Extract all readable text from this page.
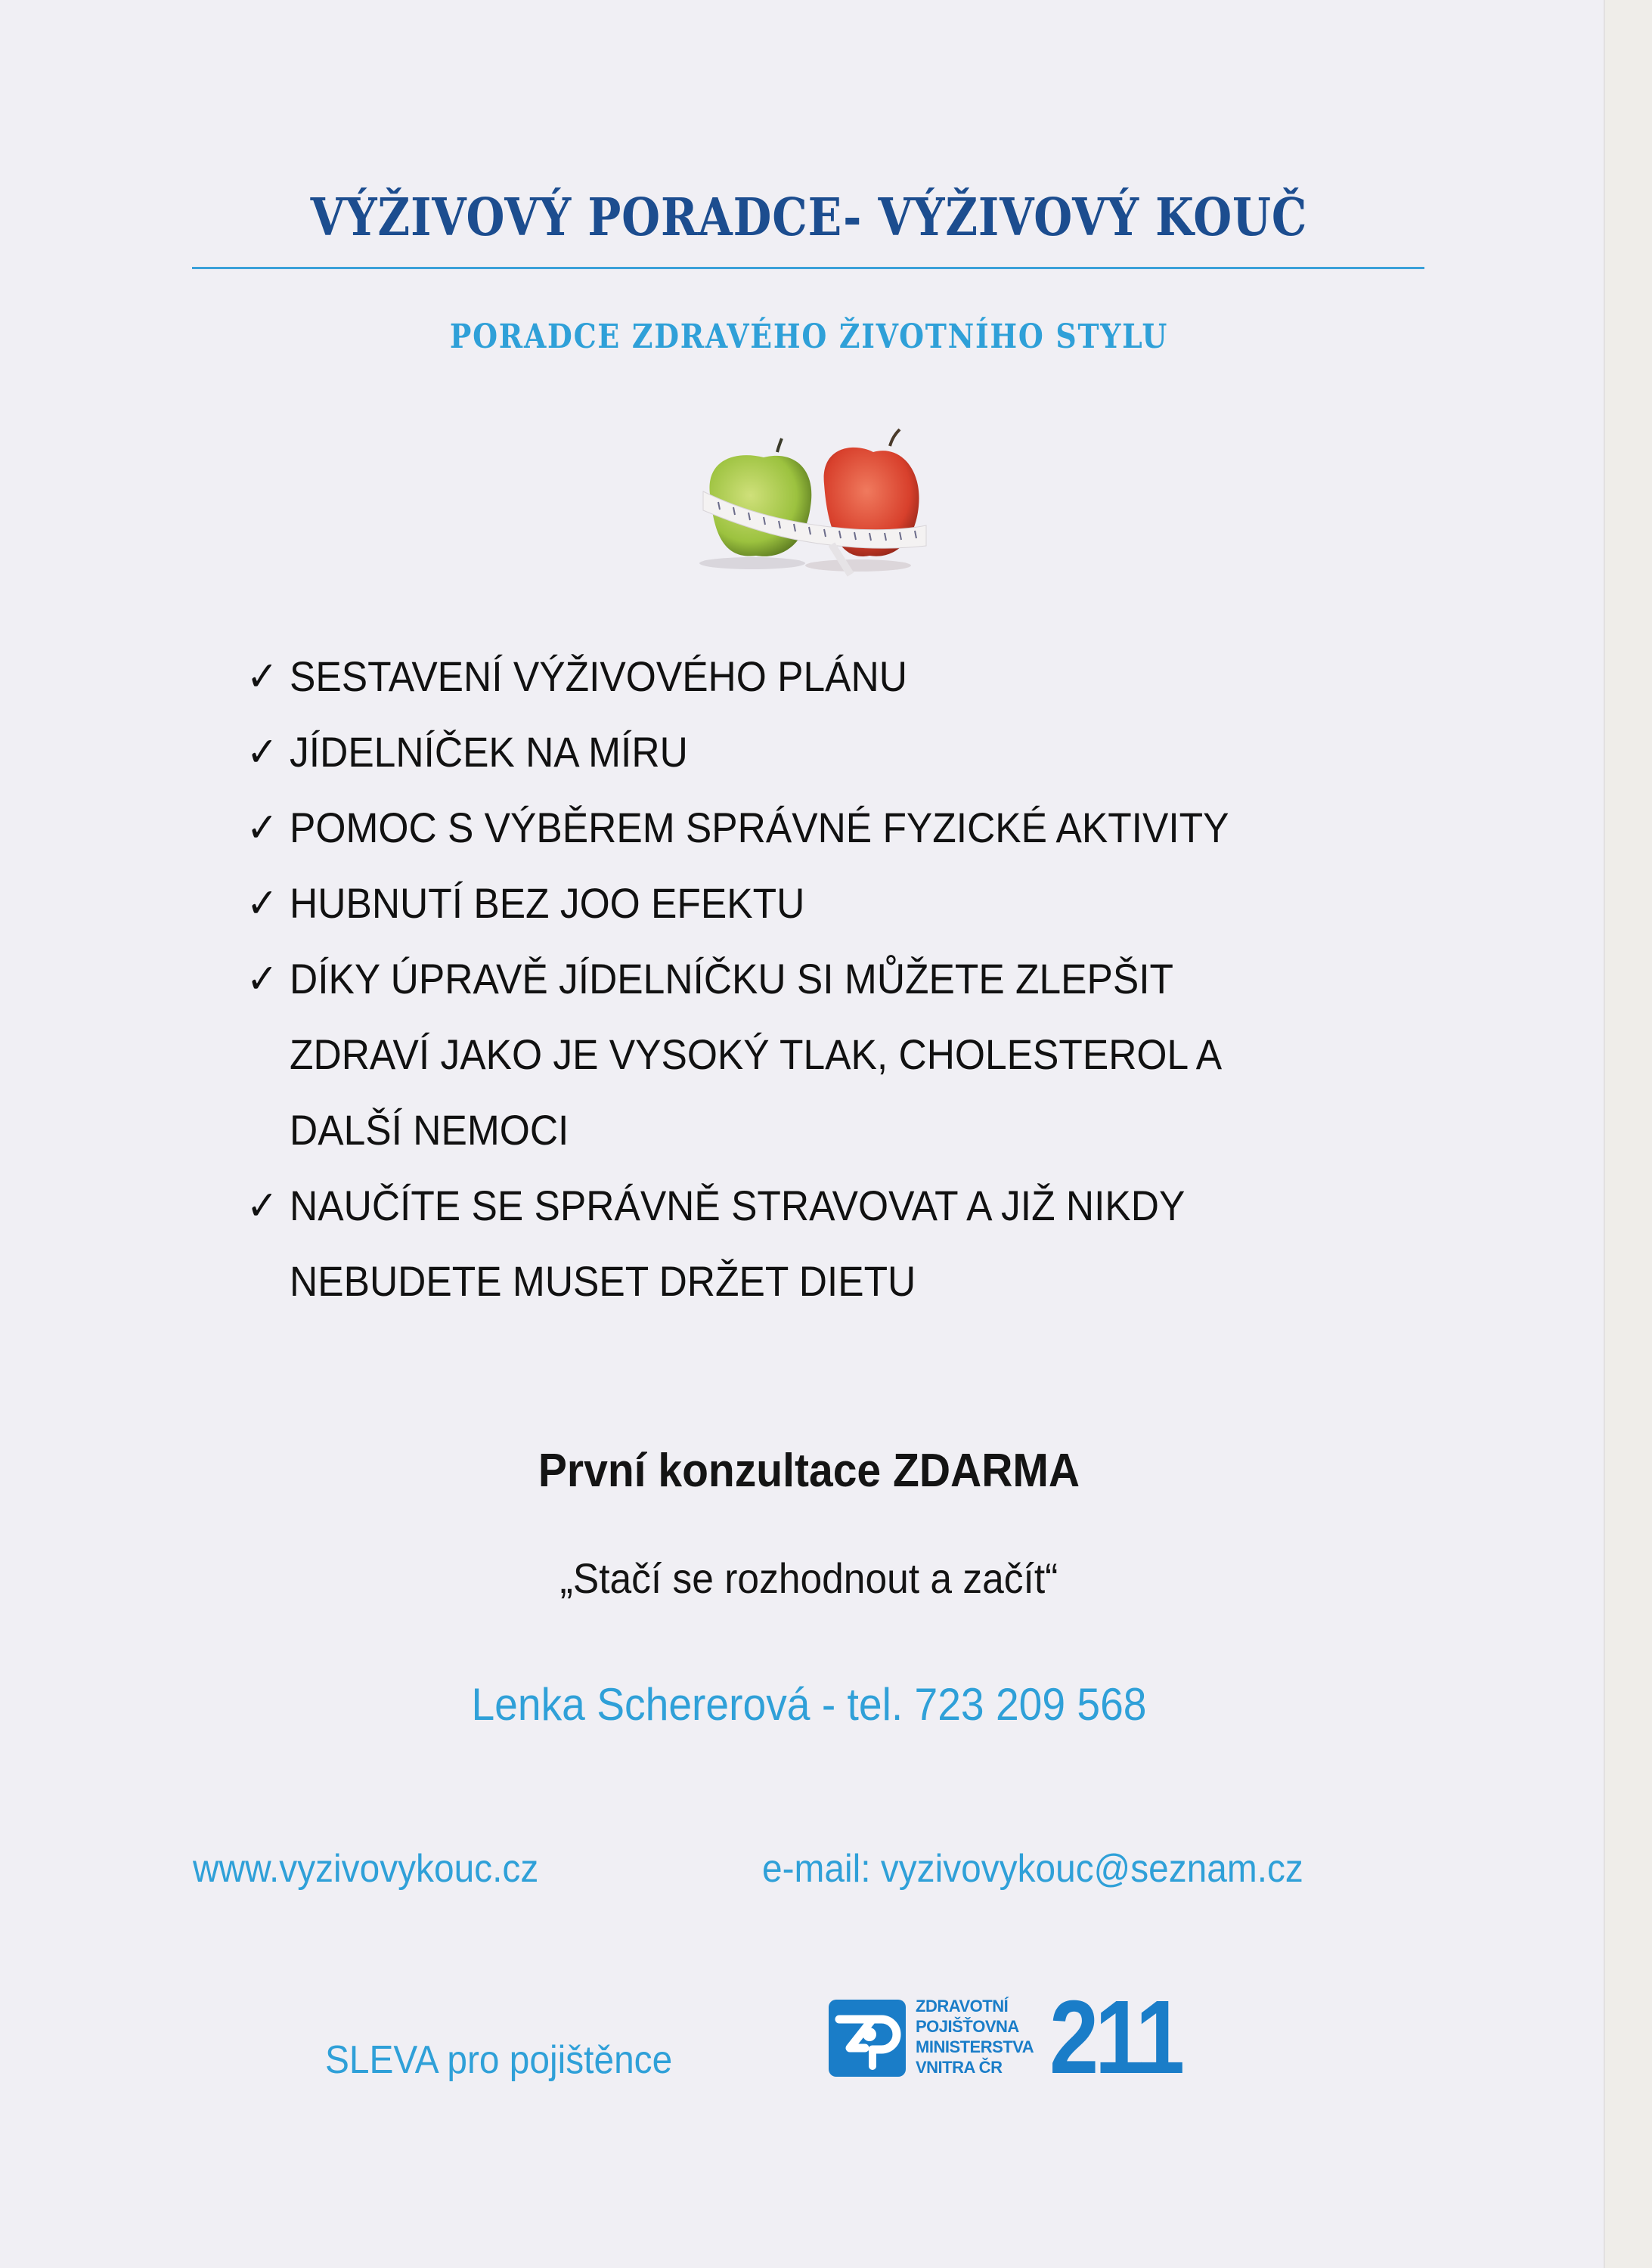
VÝŽIVOVÝ PORADCE- VÝŽIVOVÝ KOUČ
PORADCE ZDRAVÉHO ŽIVOTNÍHO STYLU
✓ SESTAVENÍ VÝŽIVOVÉHO PLÁNU
✓ JÍDELNÍČEK NA MÍRU
✓ POMOC S VÝBĚREM SPRÁVNÉ FYZICKÉ AKTIVITY
✓ HUBNUTÍ BEZ JOO EFEKTU
✓ DÍKY ÚPRAVĚ JÍDELNÍČKU SI MŮŽETE ZLEPŠIT
ZDRAVÍ JAKO JE VYSOKÝ TLAK, CHOLESTEROL A
DALŠÍ NEMOCI
✓ NAUČÍTE SE SPRÁVNĚ STRAVOVAT A JIŽ NIKDY
NEBUDETE MUSET DRŽET DIETU
První konzultace ZDARMA
„Stačí se rozhodnout a začít“
Lenka Schererová - tel. 723 209 568
www.vyzivovykouc.cz	e-mail: vyzivovykouc@seznam.cz
SLEVA pro pojištěnce
ZDRAVOTNÍ
POJIŠŤOVNA
MINISTERSTVA
VNITRA ČR 211
